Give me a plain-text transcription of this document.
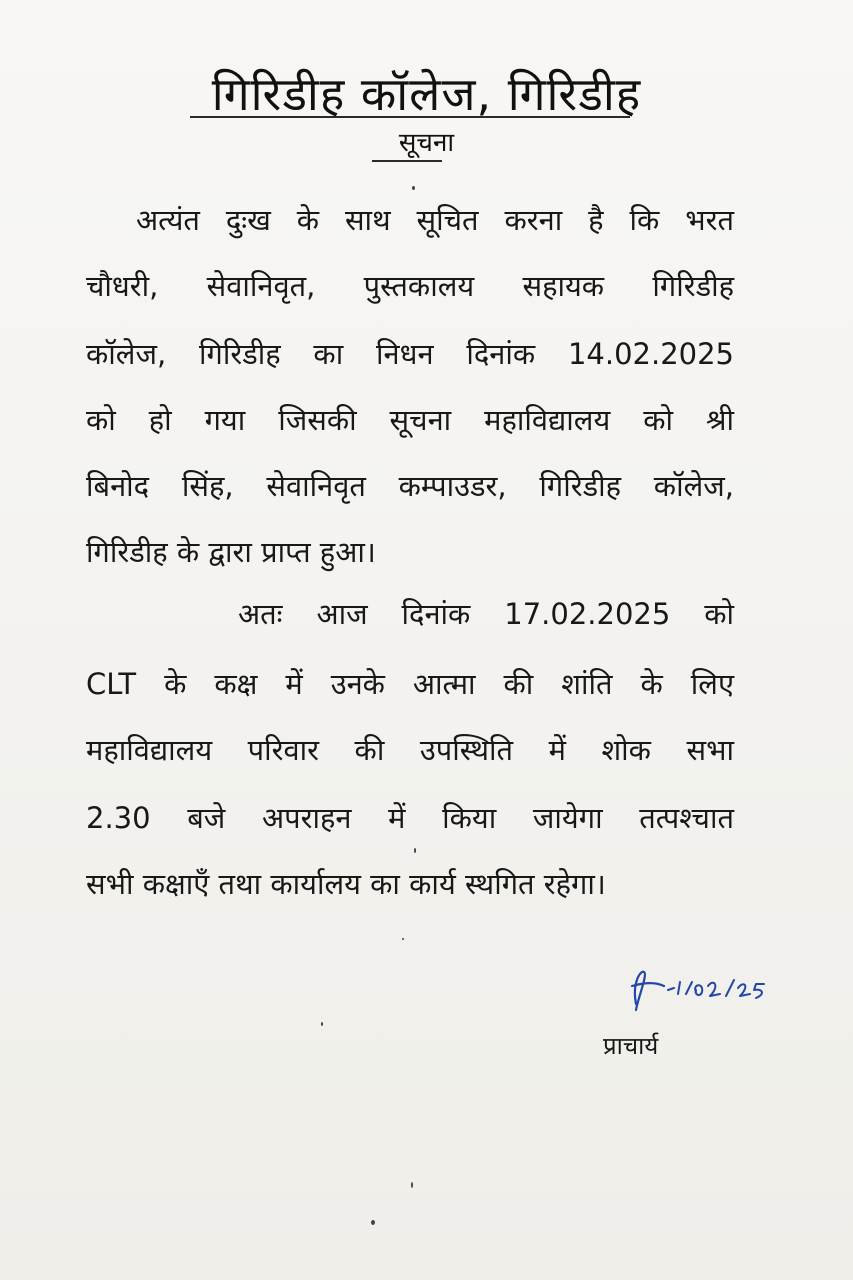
गिरिडीह कॉलेज, गिरिडीह
सूचना
अत्यंत दुःख के साथ सूचित करना है कि भरत
चौधरी, सेवानिवृत, पुस्तकालय सहायक गिरिडीह
कॉलेज, गिरिडीह का निधन दिनांक 14.02.2025
को हो गया जिसकी सूचना महाविद्यालय को श्री
बिनोद सिंह, सेवानिवृत कम्पाउडर, गिरिडीह कॉलेज,
गिरिडीह के द्वारा प्राप्त हुआ।
अतः आज दिनांक 17.02.2025 को
CLT के कक्ष में उनके आत्मा की शांति के लिए
महाविद्यालय परिवार की उपस्थिति में शोक सभा
2.30 बजे अपराहन में किया जायेगा तत्पश्चात
सभी कक्षाएँ तथा कार्यालय का कार्य स्थगित रहेगा।
प्राचार्य
